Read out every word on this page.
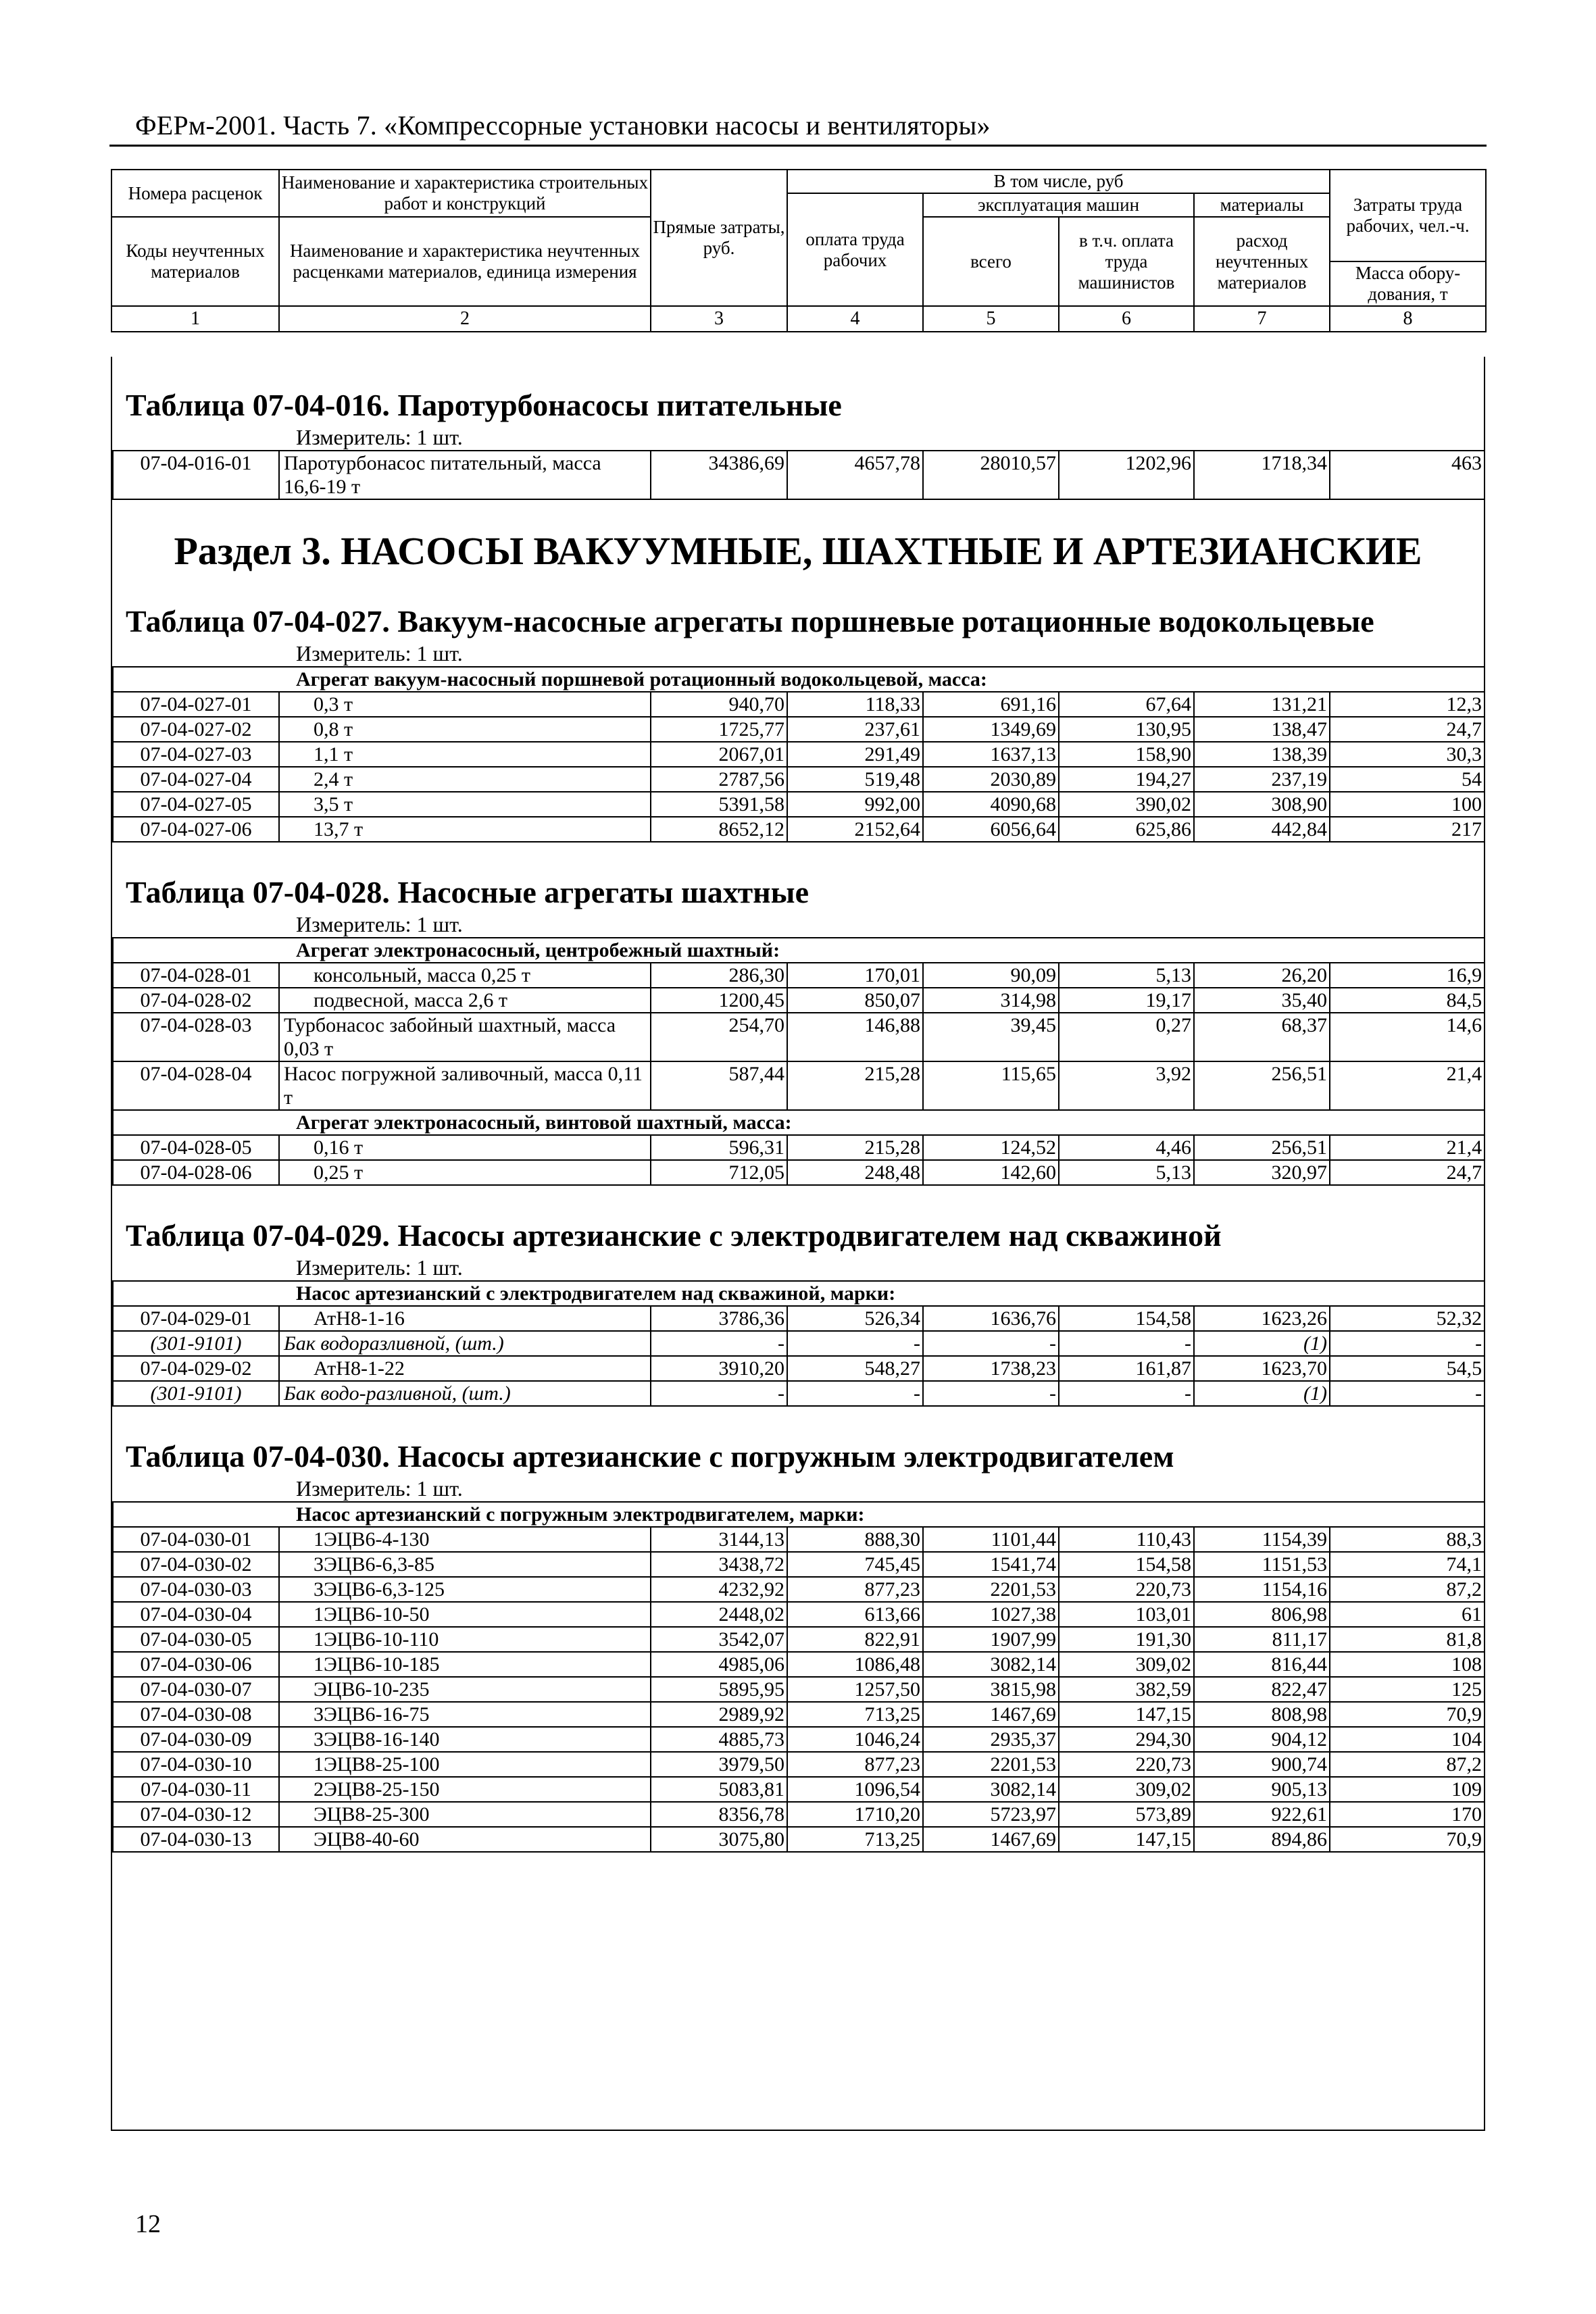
ФЕРм-2001. Часть 7. «Компрессорные установки насосы и вентиляторы»
Номера расценок	Наименование и характеристика строительных работ и конструкций	Прямые затраты, руб.	В том числе, руб				Затраты труда рабочих, чел.-ч.
			оплата труда рабочих	эксплуатация машин		материалы	
Коды неучтенных материалов	Наименование и характеристика неучтенных расценками материалов, единица измерения			всего	в т.ч. оплата труда машинистов	расход неучтенных материалов	
							Масса обору-дования, т
1	2	3	4	5	6	7	8
Таблица 07-04-016. Паротурбонасосы питательные
Измеритель: 1 шт.
07-04-016-01	Паротурбонасос питательный, масса 16,6-19 т	34386,69	4657,78	28010,57	1202,96	1718,34	463
Раздел 3. НАСОСЫ ВАКУУМНЫЕ, ШАХТНЫЕ И АРТЕЗИАНСКИЕ
Таблица 07-04-027. Вакуум-насосные агрегаты поршневые ротационные водокольцевые
Измеритель: 1 шт.
Агрегат вакуум-насосный поршневой ротационный водокольцевой, масса:							
07-04-027-01	0,3 т	940,70	118,33	691,16	67,64	131,21	12,3
07-04-027-02	0,8 т	1725,77	237,61	1349,69	130,95	138,47	24,7
07-04-027-03	1,1 т	2067,01	291,49	1637,13	158,90	138,39	30,3
07-04-027-04	2,4 т	2787,56	519,48	2030,89	194,27	237,19	54
07-04-027-05	3,5 т	5391,58	992,00	4090,68	390,02	308,90	100
07-04-027-06	13,7 т	8652,12	2152,64	6056,64	625,86	442,84	217
Таблица 07-04-028. Насосные агрегаты шахтные
Измеритель: 1 шт.
Агрегат электронасосный, центробежный шахтный:							
07-04-028-01	консольный, масса 0,25 т	286,30	170,01	90,09	5,13	26,20	16,9
07-04-028-02	подвесной, масса 2,6 т	1200,45	850,07	314,98	19,17	35,40	84,5
07-04-028-03	Турбонасос забойный шахтный, масса 0,03 т	254,70	146,88	39,45	0,27	68,37	14,6
07-04-028-04	Насос погружной заливочный, масса 0,11 т	587,44	215,28	115,65	3,92	256,51	21,4
Агрегат электронасосный, винтовой шахтный, масса:							
07-04-028-05	0,16 т	596,31	215,28	124,52	4,46	256,51	21,4
07-04-028-06	0,25 т	712,05	248,48	142,60	5,13	320,97	24,7
Таблица 07-04-029. Насосы артезианские с электродвигателем над скважиной
Измеритель: 1 шт.
Насос артезианский с электродвигателем над скважиной, марки:							
07-04-029-01	АтН8-1-16	3786,36	526,34	1636,76	154,58	1623,26	52,32
(301-9101)	Бак водоразливной, (шт.)	-	-	-	-	(1)	-
07-04-029-02	АтН8-1-22	3910,20	548,27	1738,23	161,87	1623,70	54,5
(301-9101)	Бак водо-разливной, (шт.)	-	-	-	-	(1)	-
Таблица 07-04-030. Насосы артезианские с погружным электродвигателем
Измеритель: 1 шт.
Насос артезианский с погружным электродвигателем, марки:							
07-04-030-01	1ЭЦВ6-4-130	3144,13	888,30	1101,44	110,43	1154,39	88,3
07-04-030-02	3ЭЦВ6-6,3-85	3438,72	745,45	1541,74	154,58	1151,53	74,1
07-04-030-03	3ЭЦВ6-6,3-125	4232,92	877,23	2201,53	220,73	1154,16	87,2
07-04-030-04	1ЭЦВ6-10-50	2448,02	613,66	1027,38	103,01	806,98	61
07-04-030-05	1ЭЦВ6-10-110	3542,07	822,91	1907,99	191,30	811,17	81,8
07-04-030-06	1ЭЦВ6-10-185	4985,06	1086,48	3082,14	309,02	816,44	108
07-04-030-07	ЭЦВ6-10-235	5895,95	1257,50	3815,98	382,59	822,47	125
07-04-030-08	3ЭЦВ6-16-75	2989,92	713,25	1467,69	147,15	808,98	70,9
07-04-030-09	3ЭЦВ8-16-140	4885,73	1046,24	2935,37	294,30	904,12	104
07-04-030-10	1ЭЦВ8-25-100	3979,50	877,23	2201,53	220,73	900,74	87,2
07-04-030-11	2ЭЦВ8-25-150	5083,81	1096,54	3082,14	309,02	905,13	109
07-04-030-12	ЭЦВ8-25-300	8356,78	1710,20	5723,97	573,89	922,61	170
07-04-030-13	ЭЦВ8-40-60	3075,80	713,25	1467,69	147,15	894,86	70,9
12
